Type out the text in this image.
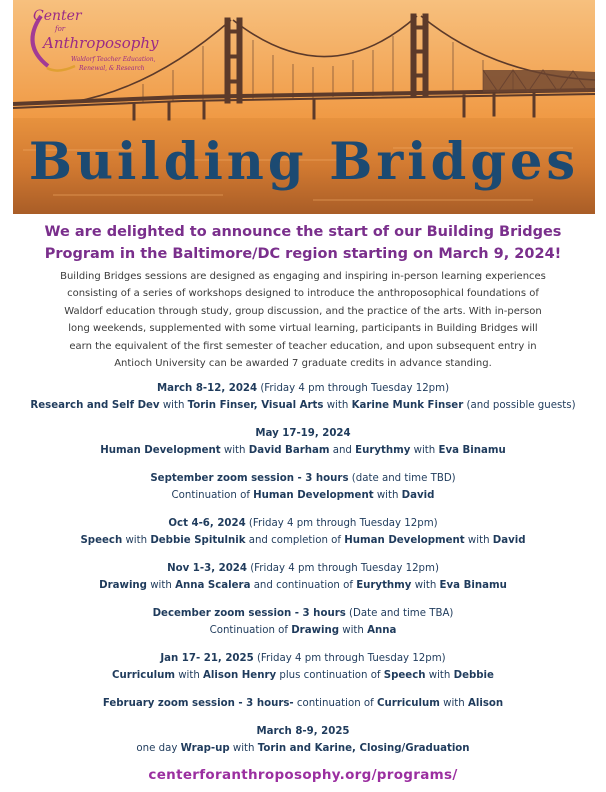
Center
for
Anthroposophy
Waldorf Teacher Education,
Renewal, & Research
Building Bridges
We are delighted to announce the start of our Building Bridges
Program in the Baltimore/DC region starting on March 9, 2024!
Building Bridges sessions are designed as engaging and inspiring in-person learning experiences
consisting of a series of workshops designed to introduce the anthroposophical foundations of
Waldorf education through study, group discussion, and the practice of the arts. With in-person
long weekends, supplemented with some virtual learning, participants in Building Bridges will
earn the equivalent of the first semester of teacher education, and upon subsequent entry in
Antioch University can be awarded 7 graduate credits in advance standing.
March 8-12, 2024 (Friday 4 pm through Tuesday 12pm)
Research and Self Dev with Torin Finser, Visual Arts with Karine Munk Finser (and possible guests)
May 17-19, 2024
Human Development with David Barham and Eurythmy with Eva Binamu
September zoom session - 3 hours (date and time TBD)
Continuation of Human Development with David
Oct 4-6, 2024 (Friday 4 pm through Tuesday 12pm)
Speech with Debbie Spitulnik and completion of Human Development with David
Nov 1-3, 2024 (Friday 4 pm through Tuesday 12pm)
Drawing with Anna Scalera and continuation of Eurythmy with Eva Binamu
December zoom session - 3 hours (Date and time TBA)
Continuation of Drawing with Anna
Jan 17- 21, 2025 (Friday 4 pm through Tuesday 12pm)
Curriculum with Alison Henry plus continuation of Speech with Debbie
February zoom session - 3 hours- continuation of Curriculum with Alison
March 8-9, 2025
one day Wrap-up with Torin and Karine, Closing/Graduation
centerforanthroposophy.org/programs/
